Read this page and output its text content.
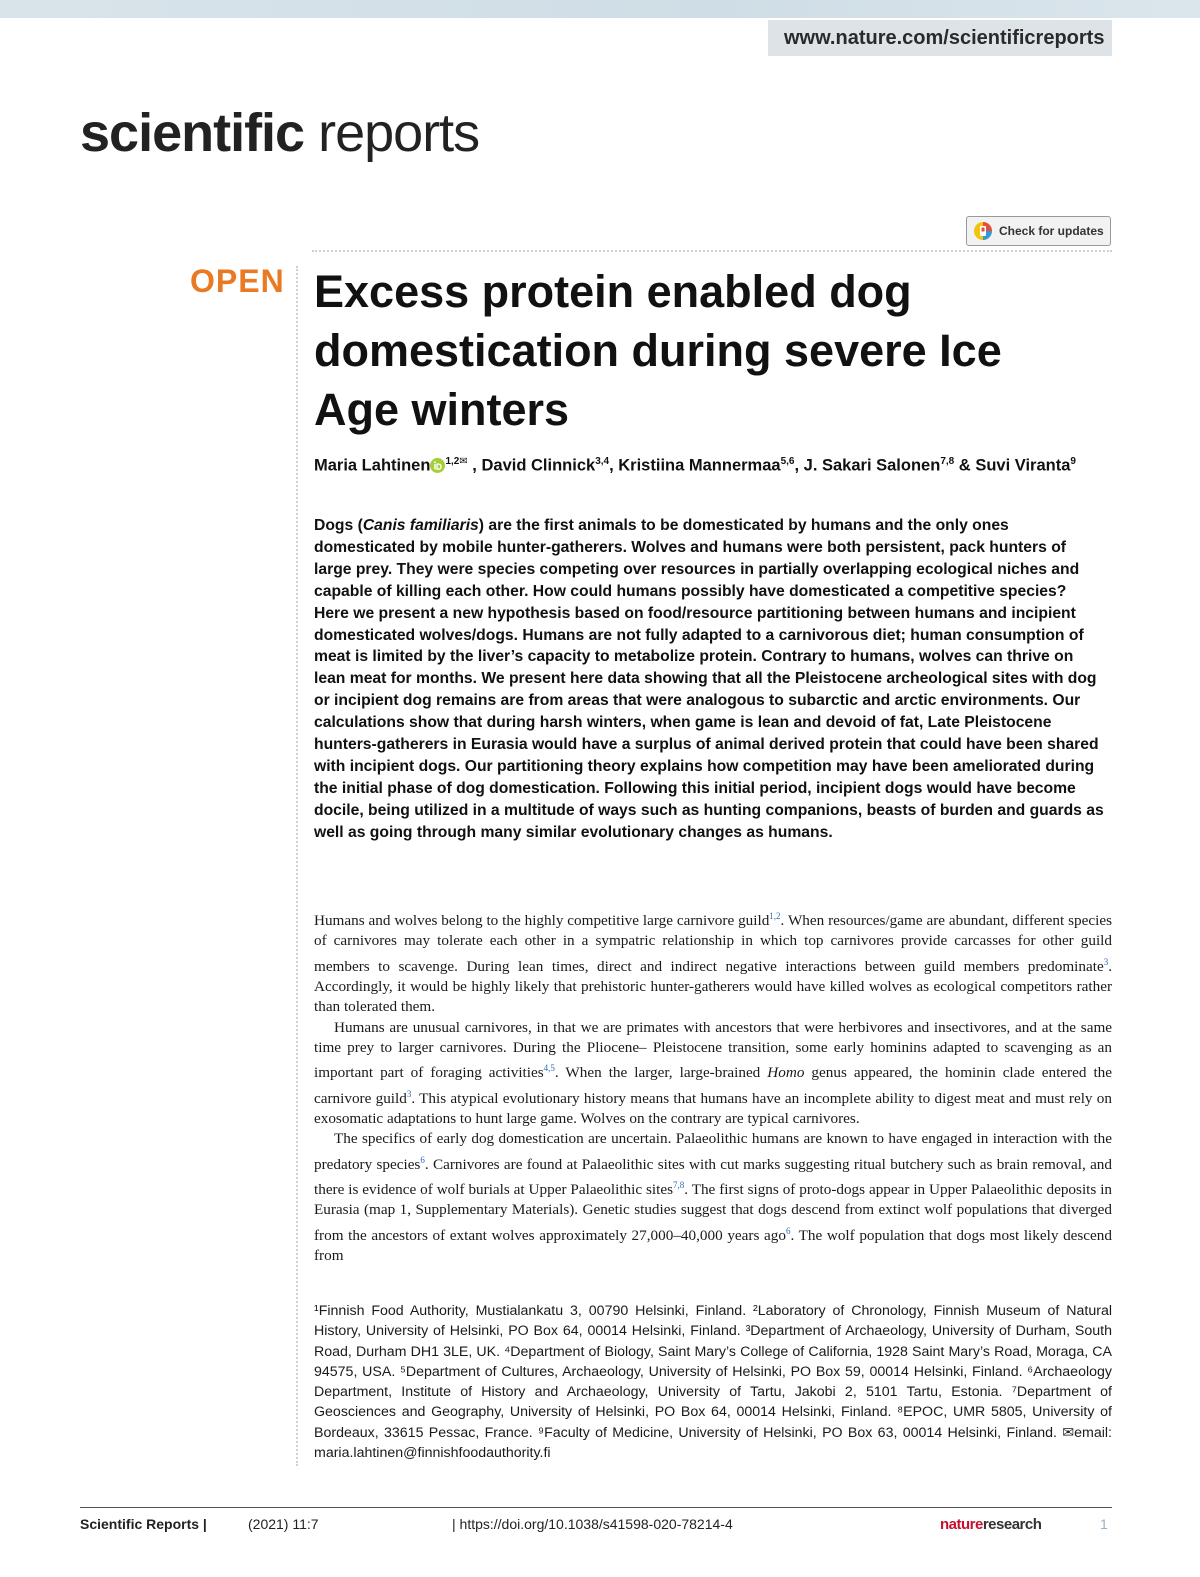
www.nature.com/scientificreports
scientific reports
Check for updates
OPEN Excess protein enabled dog domestication during severe Ice Age winters

Maria Lahtinen $^{1,2✉}$ , David Clinnick$^{3,4}$, Kristiina Mannermaa$^{5,6}$, J. Sakari Salonen$^{7,8}$ & Suvi Viranta$^9$

Dogs (Canis familiaris) are the first animals to be domesticated by humans and the only ones domesticated by mobile hunter-gatherers. Wolves and humans were both persistent, pack hunters of large prey. They were species competing over resources in partially overlapping ecological niches and capable of killing each other. How could humans possibly have domesticated a competitive species? Here we present a new hypothesis based on food/resource partitioning between humans and incipient domesticated wolves/dogs. Humans are not fully adapted to a carnivorous diet; human consumption of meat is limited by the liver’s capacity to metabolize protein. Contrary to humans, wolves can thrive on lean meat for months. We present here data showing that all the Pleistocene archeological sites with dog or incipient dog remains are from areas that were analogous to subarctic and arctic environments. Our calculations show that during harsh winters, when game is lean and devoid of fat, Late Pleistocene hunters-gatherers in Eurasia would have a surplus of animal derived protein that could have been shared with incipient dogs. Our partitioning theory explains how competition may have been ameliorated during the initial phase of dog domestication. Following this initial period, incipient dogs would have become docile, being utilized in a multitude of ways such as hunting companions, beasts of burden and guards as well as going through many similar evolutionary changes as humans.

Humans and wolves belong to the highly competitive large carnivore guild$^{1,2}$. When resources/game are abundant, different species of carnivores may tolerate each other in a sympatric relationship in which top carnivores provide carcasses for other guild members to scavenge. During lean times, direct and indirect negative interactions between guild members predominate$^3$. Accordingly, it would be highly likely that prehistoric hunter-gatherers would have killed wolves as ecological competitors rather than tolerated them.

Humans are unusual carnivores, in that we are primates with ancestors that were herbivores and insectivores, and at the same time prey to larger carnivores. During the Pliocene– Pleistocene transition, some early hominins adapted to scavenging as an important part of foraging activities$^{4,5}$. When the larger, large-brained Homo genus appeared, the hominin clade entered the carnivore guild$^3$. This atypical evolutionary history means that humans have an incomplete ability to digest meat and must rely on exosomatic adaptations to hunt large game. Wolves on the contrary are typical carnivores.

The specifics of early dog domestication are uncertain. Palaeolithic humans are known to have engaged in interaction with the predatory species$^6$. Carnivores are found at Palaeolithic sites with cut marks suggesting ritual butchery such as brain removal, and there is evidence of wolf burials at Upper Palaeolithic sites$^{7,8}$. The first signs of proto-dogs appear in Upper Palaeolithic deposits in Eurasia (map 1, Supplementary Materials). Genetic studies suggest that dogs descend from extinct wolf populations that diverged from the ancestors of extant wolves approximately 27,000–40,000 years ago$^6$. The wolf population that dogs most likely descend from

¹Finnish Food Authority, Mustialankatu 3, 00790 Helsinki, Finland. ²Laboratory of Chronology, Finnish Museum of Natural History, University of Helsinki, PO Box 64, 00014 Helsinki, Finland. ³Department of Archaeology, University of Durham, South Road, Durham DH1 3LE, UK. ⁴Department of Biology, Saint Mary’s College of California, 1928 Saint Mary’s Road, Moraga, CA 94575, USA. ⁵Department of Cultures, Archaeology, University of Helsinki, PO Box 59, 00014 Helsinki, Finland. ⁶Archaeology Department, Institute of History and Archaeology, University of Tartu, Jakobi 2, 5101 Tartu, Estonia. ⁷Department of Geosciences and Geography, University of Helsinki, PO Box 64, 00014 Helsinki, Finland. ⁸EPOC, UMR 5805, University of Bordeaux, 33615 Pessac, France. ⁹Faculty of Medicine, University of Helsinki, PO Box 63, 00014 Helsinki, Finland. ✉email: maria.lahtinen@finnishfoodauthority.fi

Scientific Reports |	(2021) 11:7	| https://doi.org/10.1038/s41598-020-78214-4	natureresearch	1
